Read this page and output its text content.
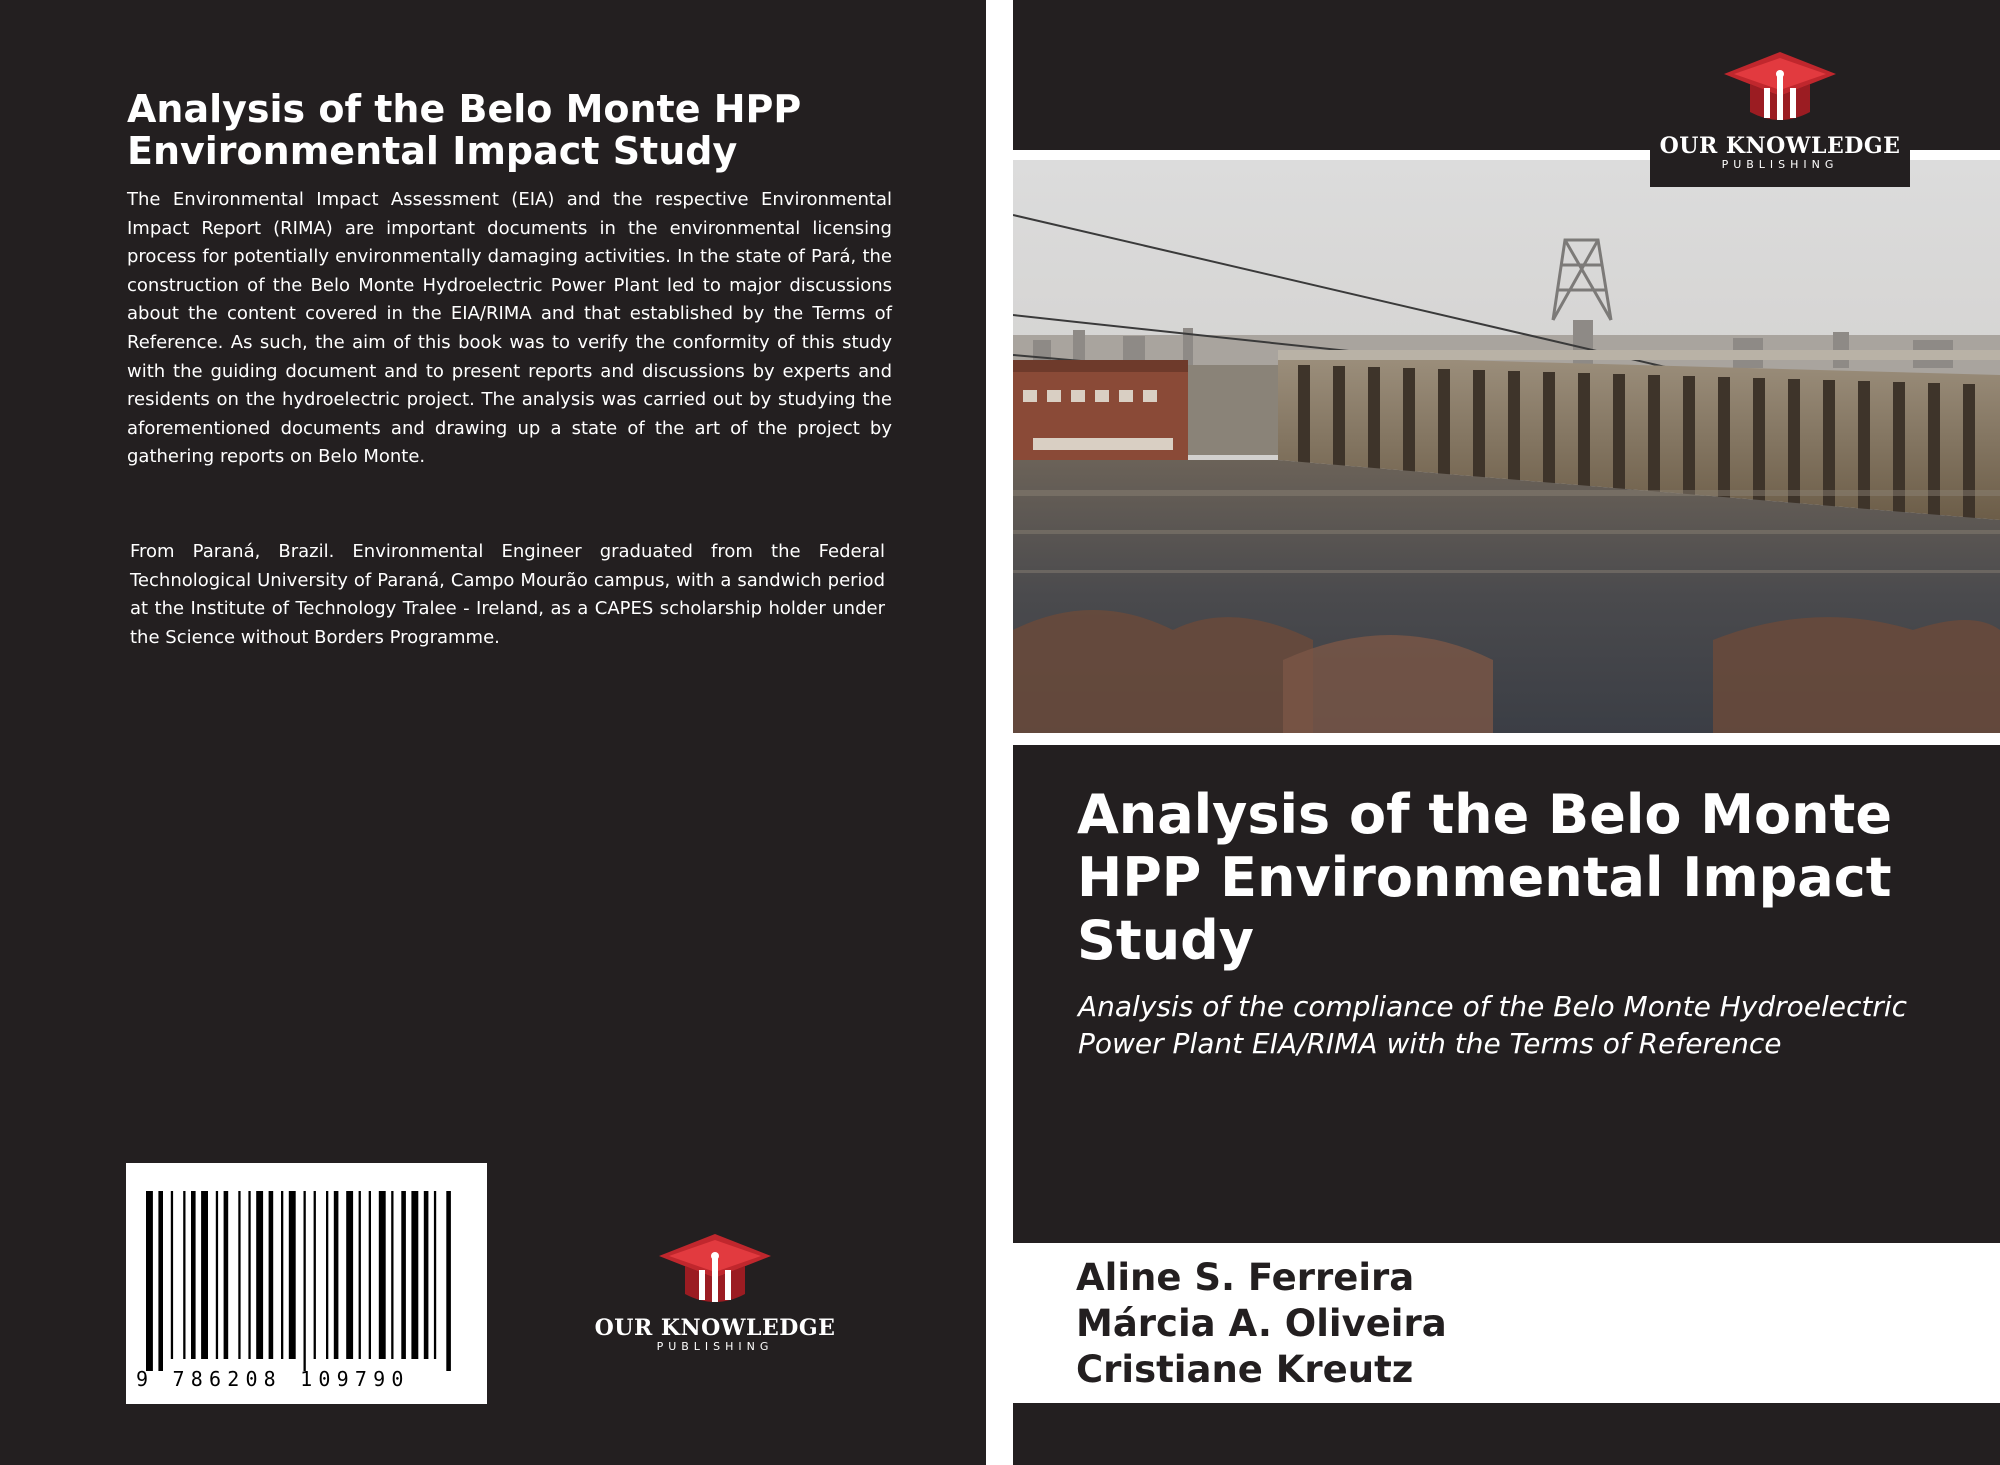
Analysis of the Belo Monte HPP Environmental Impact Study

The Environmental Impact Assessment (EIA) and the respective Environmental Impact Report (RIMA) are important documents in the environmental licensing process for potentially environmentally damaging activities. In the state of Pará, the construction of the Belo Monte Hydroelectric Power Plant led to major discussions about the content covered in the EIA/RIMA and that established by the Terms of Reference. As such, the aim of this book was to verify the conformity of this study with the guiding document and to present reports and discussions by experts and residents on the hydroelectric project. The analysis was carried out by studying the aforementioned documents and drawing up a state of the art of the project by gathering reports on Belo Monte.

From Paraná, Brazil. Environmental Engineer graduated from the Federal Technological University of Paraná, Campo Mourão campus, with a sandwich period at the Institute of Technology Tralee - Ireland, as a CAPES scholarship holder under the Science without Borders Programme.

9 786208 109790
OUR KNOWLEDGE
PUBLISHING
OUR KNOWLEDGE
PUBLISHING
Analysis of the Belo Monte HPP Environmental Impact Study
Analysis of the compliance of the Belo Monte Hydroelectric Power Plant EIA/RIMA with the Terms of Reference
Aline S. Ferreira
Márcia A. Oliveira
Cristiane Kreutz
